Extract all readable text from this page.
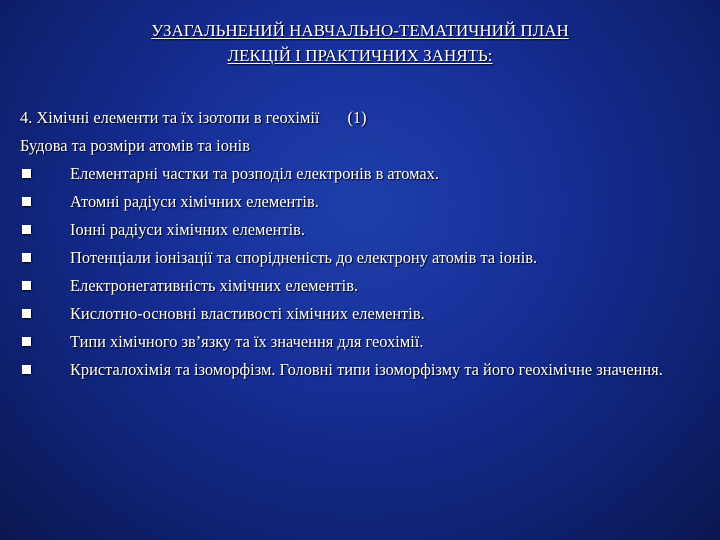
УЗАГАЛЬНЕНИЙ НАВЧАЛЬНО-ТЕМАТИЧНИЙ ПЛАН
ЛЕКЦІЙ І ПРАКТИЧНИХ ЗАНЯТЬ:
4. Хімічні елементи та їх ізотопи в геохімії (1)
Будова та розміри атомів та іонів
Елементарні частки та розподіл електронів в атомах.
Атомні радіуси хімічних елементів.
Іонні радіуси хімічних елементів.
Потенціали іонізації та спорідненість до електрону атомів та іонів.
Електронегативність хімічних елементів.
Кислотно-основні властивості хімічних елементів.
Типи хімічного зв’язку та їх значення для геохімії.
Кристалохімія та ізоморфізм. Головні типи ізоморфізму та його геохімічне значення.
